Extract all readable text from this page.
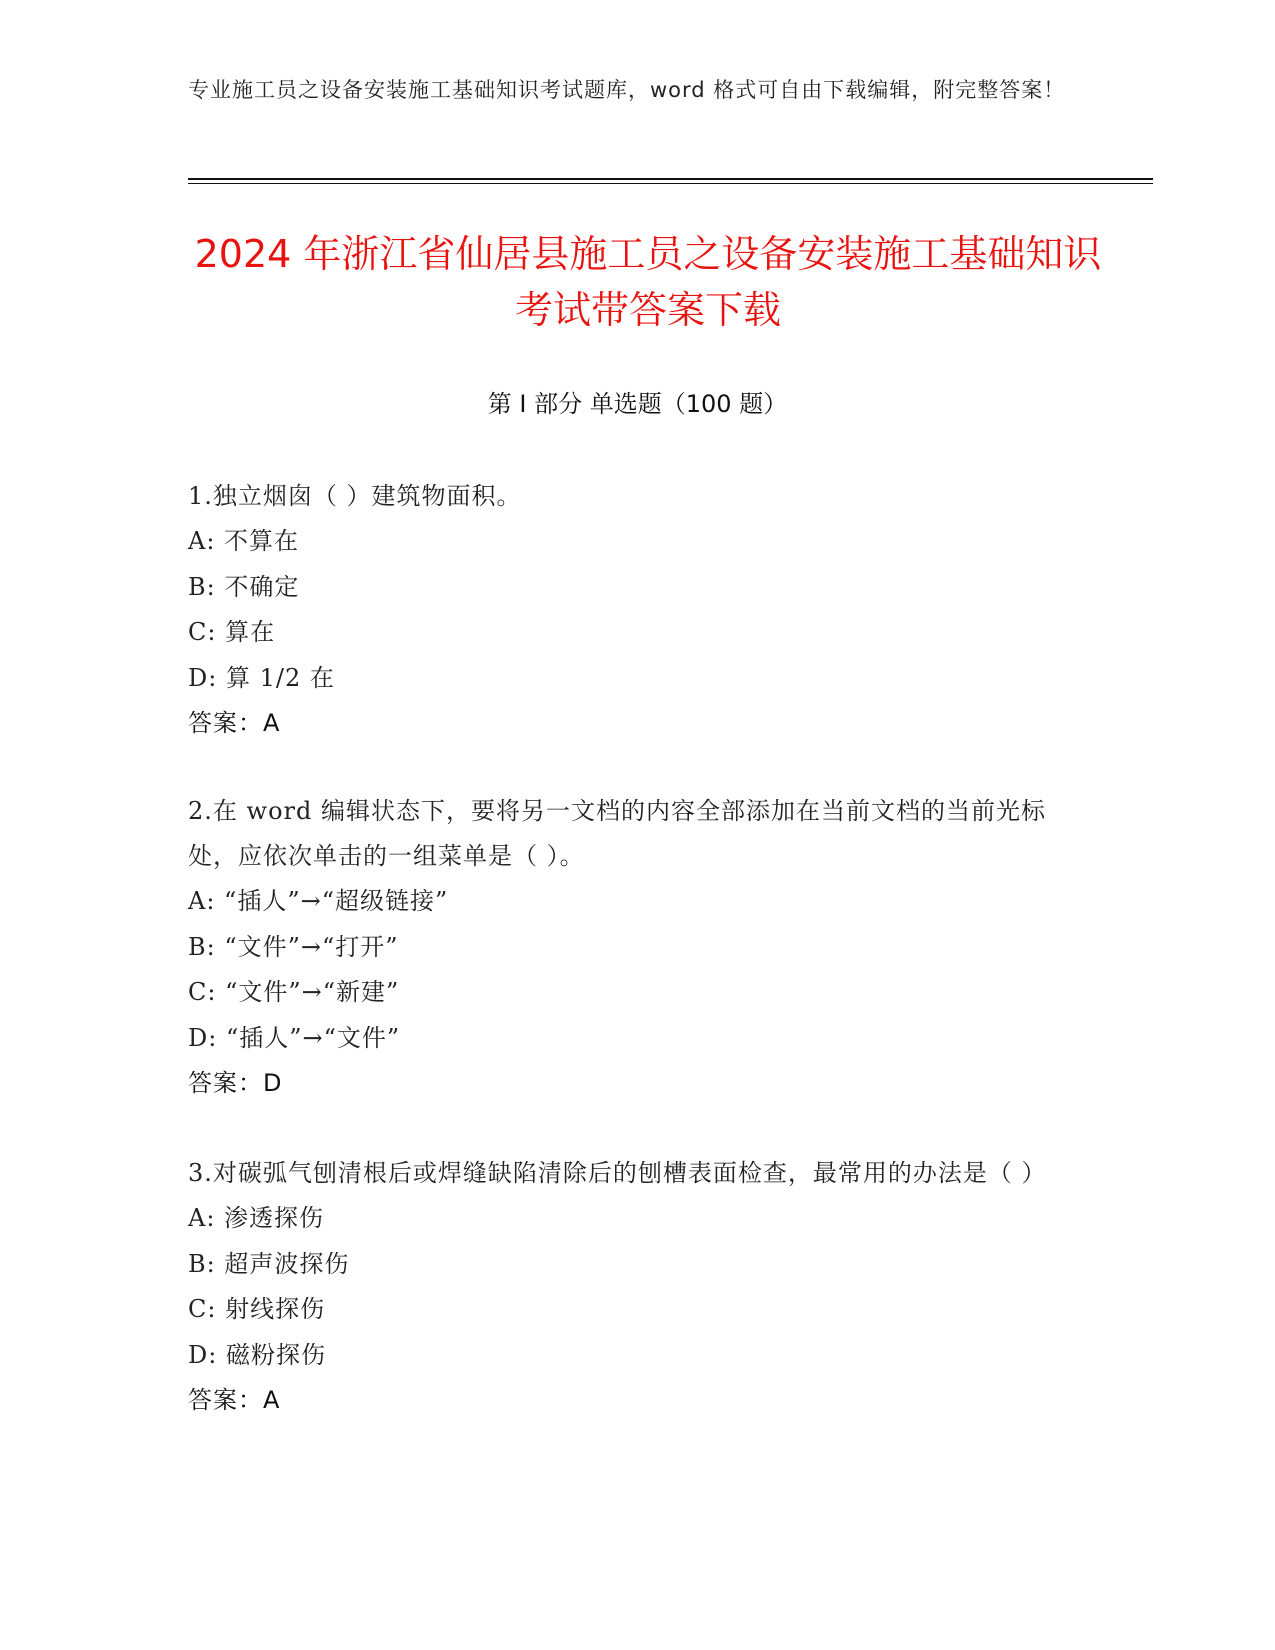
专业施工员之设备安装施工基础知识考试题库，word 格式可自由下载编辑，附完整答案！
2024 年浙江省仙居县施工员之设备安装施工基础知识考试带答案下载
第 I 部分 单选题（100 题）
1.独立烟囱（ ）建筑物面积。
A: 不算在
B: 不确定
C: 算在
D: 算 1/2 在
答案：A
2.在 word 编辑状态下，要将另一文档的内容全部添加在当前文档的当前光标处，应依次单击的一组菜单是（ ）。
A: “插人”→“超级链接”
B: “文件”→“打开”
C: “文件”→“新建”
D: “插人”→“文件”
答案：D
3.对碳弧气刨清根后或焊缝缺陷清除后的刨槽表面检查，最常用的办法是（ ）
A: 渗透探伤
B: 超声波探伤
C: 射线探伤
D: 磁粉探伤
答案：A
